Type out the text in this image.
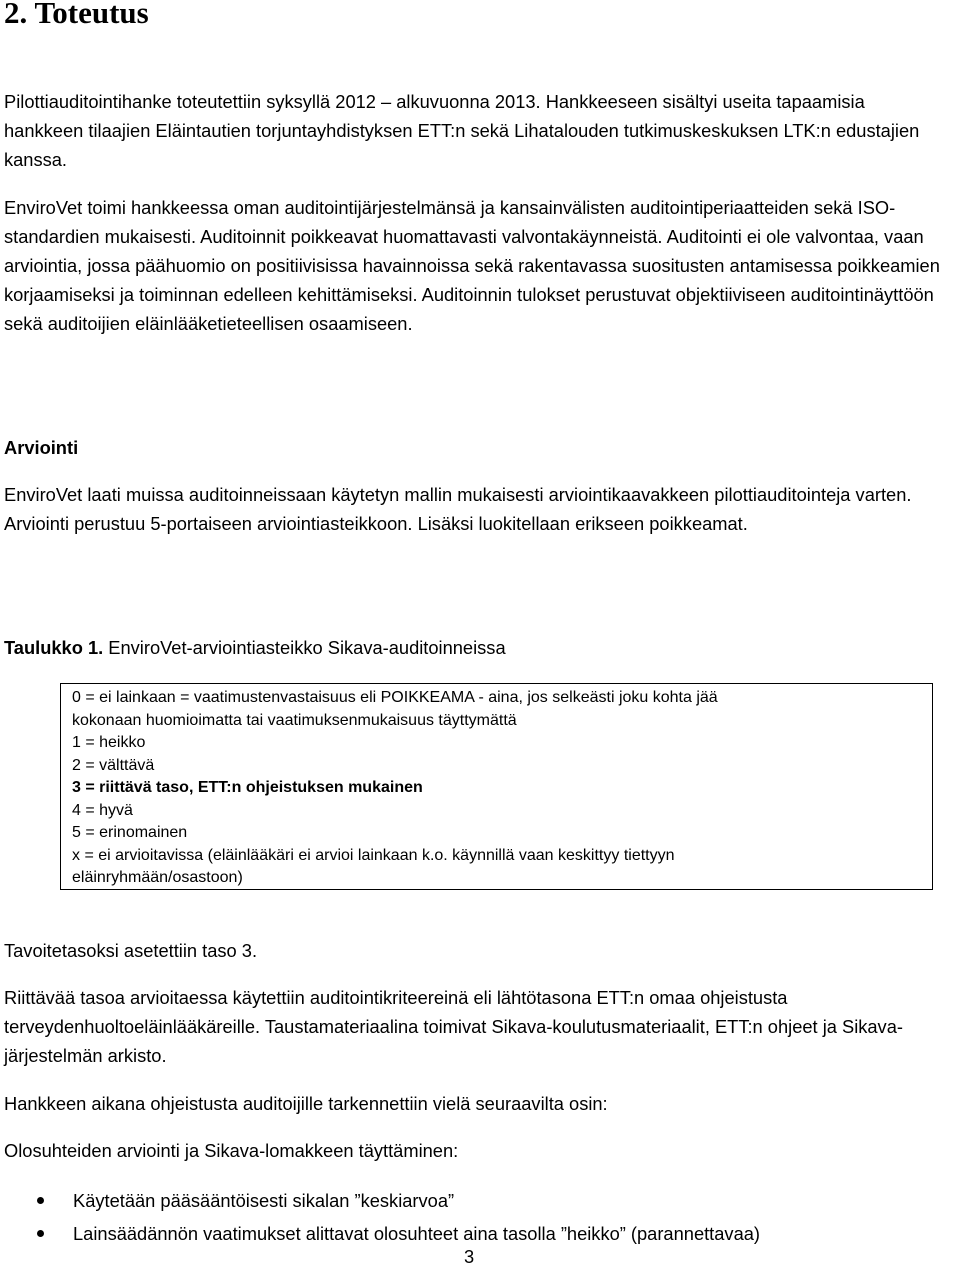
2. Toteutus

Pilottiauditointihanke toteutettiin syksyllä 2012 – alkuvuonna 2013. Hankkeeseen sisältyi useita tapaamisia hankkeen tilaajien Eläintautien torjuntayhdistyksen ETT:n sekä Lihatalouden tutkimuskeskuksen LTK:n edustajien kanssa.

EnviroVet toimi hankkeessa oman auditointijärjestelmänsä ja kansainvälisten auditointiperiaatteiden sekä ISO-standardien mukaisesti. Auditoinnit poikkeavat huomattavasti valvontakäynneistä. Auditointi ei ole valvontaa, vaan arviointia, jossa päähuomio on positiivisissa havainnoissa sekä rakentavassa suositusten antamisessa poikkeamien korjaamiseksi ja toiminnan edelleen kehittämiseksi. Auditoinnin tulokset perustuvat objektiiviseen auditointinäyttöön sekä auditoijien eläinlääketieteellisen osaamiseen.

Arviointi

EnviroVet laati muissa auditoinneissaan käytetyn mallin mukaisesti arviointikaavakkeen pilottiauditointeja varten. Arviointi perustuu 5-portaiseen arviointiasteikkoon. Lisäksi luokitellaan erikseen poikkeamat.

Taulukko 1. EnviroVet-arviointiasteikko Sikava-auditoinneissa

0 = ei lainkaan = vaatimustenvastaisuus eli POIKKEAMA - aina, jos selkeästi joku kohta jää
kokonaan huomioimatta tai vaatimuksenmukaisuus täyttymättä
1 = heikko
2 = välttävä
3 = riittävä taso, ETT:n ohjeistuksen mukainen
4 = hyvä
5 = erinomainen
x = ei arvioitavissa (eläinlääkäri ei arvioi lainkaan k.o. käynnillä vaan keskittyy tiettyyn
eläinryhmään/osastoon)

Tavoitetasoksi asetettiin taso 3.

Riittävää tasoa arvioitaessa käytettiin auditointikriteereinä eli lähtötasona ETT:n omaa ohjeistusta terveydenhuoltoeläinlääkäreille. Taustamateriaalina toimivat Sikava-koulutusmateriaalit, ETT:n ohjeet ja Sikava-järjestelmän arkisto.

Hankkeen aikana ohjeistusta auditoijille tarkennettiin vielä seuraavilta osin:

Olosuhteiden arviointi ja Sikava-lomakkeen täyttäminen:

Käytetään pääsääntöisesti sikalan ”keskiarvoa”
Lainsäädännön vaatimukset alittavat olosuhteet aina tasolla ”heikko” (parannettavaa)
3
